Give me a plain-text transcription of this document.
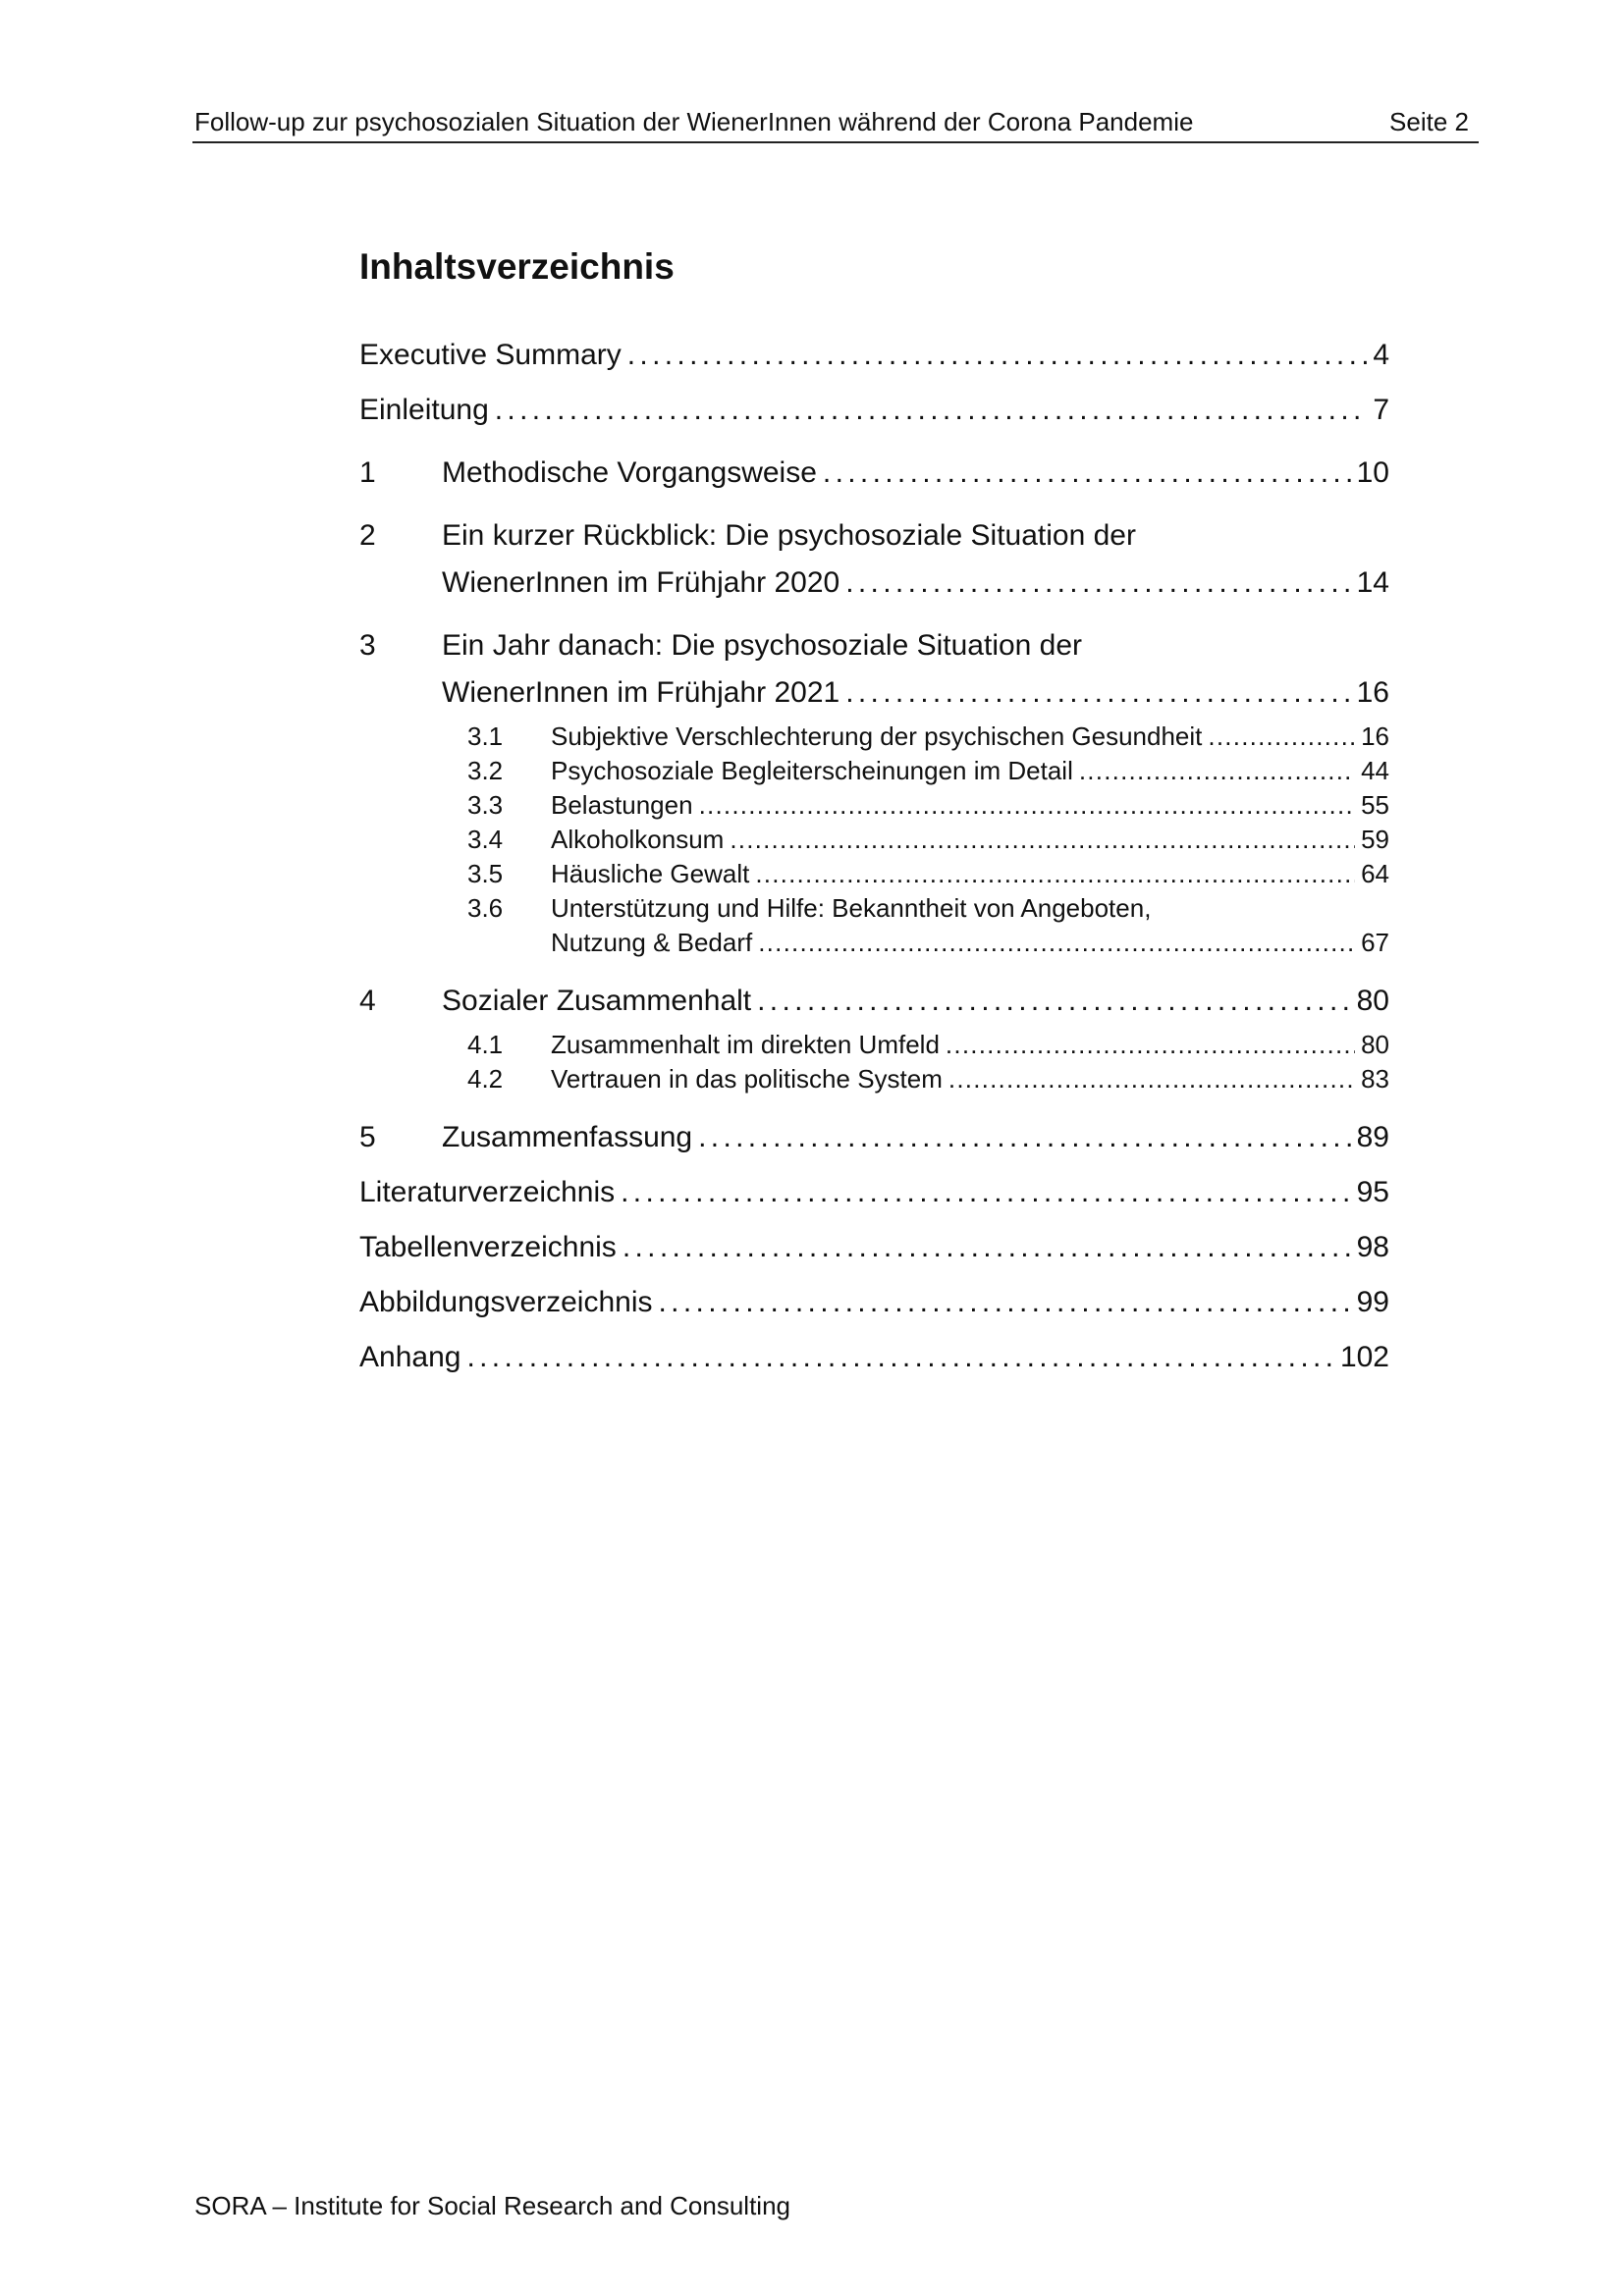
Follow-up zur psychosozialen Situation der WienerInnen während der Corona Pandemie	Seite 2
Inhaltsverzeichnis
Executive Summary . . .	4
Einleitung . . .	7
1	Methodische Vorgangsweise . . .	10
2	Ein kurzer Rückblick: Die psychosoziale Situation der
WienerInnen im Frühjahr 2020 . . .	14
3	Ein Jahr danach: Die psychosoziale Situation der
WienerInnen im Frühjahr 2021 . . .	16
3.1	Subjektive Verschlechterung der psychischen Gesundheit . . .	16
3.2	Psychosoziale Begleiterscheinungen im Detail . . .	44
3.3	Belastungen . . .	55
3.4	Alkoholkonsum . . .	59
3.5	Häusliche Gewalt . . .	64
3.6	Unterstützung und Hilfe: Bekanntheit von Angeboten,
Nutzung & Bedarf . . .	67
4	Sozialer Zusammenhalt . . .	80
4.1	Zusammenhalt im direkten Umfeld . . .	80
4.2	Vertrauen in das politische System . . .	83
5	Zusammenfassung . . .	89
Literaturverzeichnis . . .	95
Tabellenverzeichnis . . .	98
Abbildungsverzeichnis . . .	99
Anhang . . .	102
SORA – Institute for Social Research and Consulting
